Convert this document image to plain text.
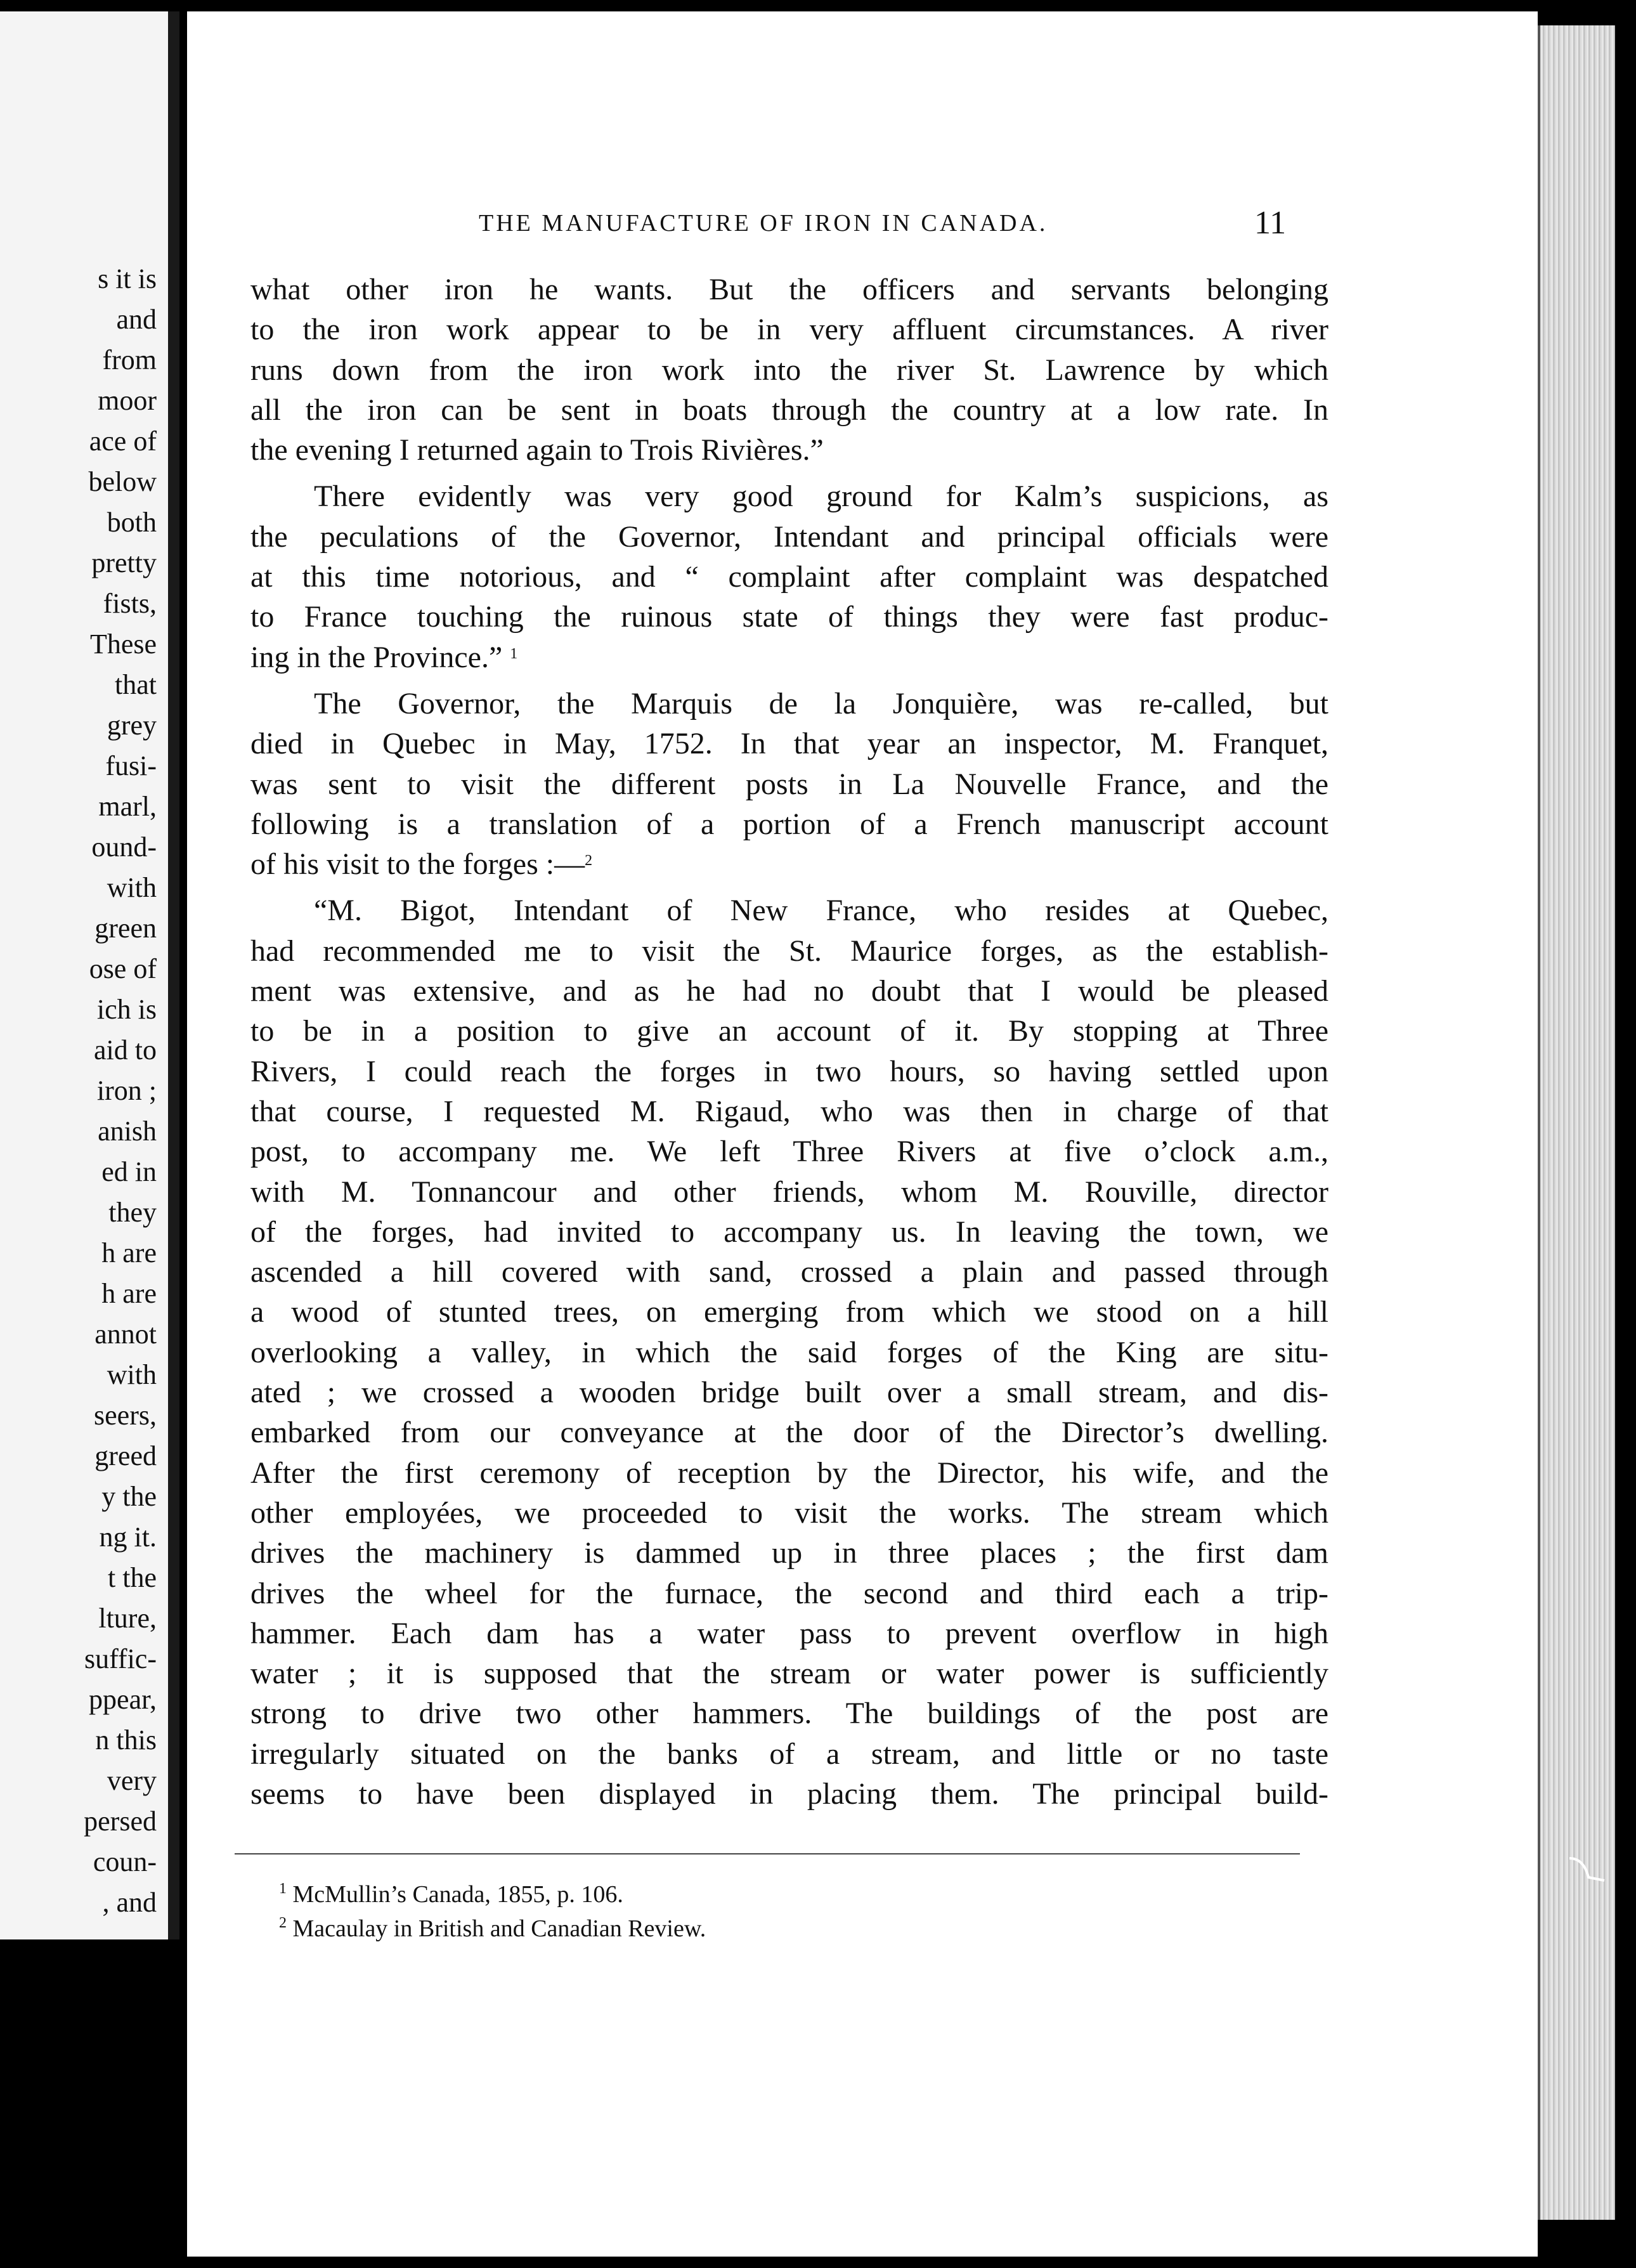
s it is
and
from
moor
ace of
below
both
pretty
fists,
These
that
grey
fusi-
marl,
ound-
with
green
ose of
ich is
aid to
iron ;
anish
ed in
they
h are
h are
annot
with
seers,
greed
y the
ng it.
t the
lture,
suffic-
ppear,
n this
very
persed
coun-
, and
THE MANUFACTURE OF IRON IN CANADA.	11
what other iron he wants. But the officers and servants belonging
to the iron work appear to be in very affluent circumstances. A river
runs down from the iron work into the river St. Lawrence by which
all the iron can be sent in boats through the country at a low rate. In
the evening I returned again to Trois Rivières.”
There evidently was very good ground for Kalm’s suspicions, as
the peculations of the Governor, Intendant and principal officials were
at this time notorious, and “ complaint after complaint was despatched
to France touching the ruinous state of things they were fast produc-
ing in the Province.” $^1$
The Governor, the Marquis de la Jonquière, was re-called, but
died in Quebec in May, 1752. In that year an inspector, M. Franquet,
was sent to visit the different posts in La Nouvelle France, and the
following is a translation of a portion of a French manuscript account
of his visit to the forges :—$^2$
“M. Bigot, Intendant of New France, who resides at Quebec,
had recommended me to visit the St. Maurice forges, as the establish-
ment was extensive, and as he had no doubt that I would be pleased
to be in a position to give an account of it. By stopping at Three
Rivers, I could reach the forges in two hours, so having settled upon
that course, I requested M. Rigaud, who was then in charge of that
post, to accompany me. We left Three Rivers at five o’clock a.m.,
with M. Tonnancour and other friends, whom M. Rouville, director
of the forges, had invited to accompany us. In leaving the town, we
ascended a hill covered with sand, crossed a plain and passed through
a wood of stunted trees, on emerging from which we stood on a hill
overlooking a valley, in which the said forges of the King are situ-
ated ; we crossed a wooden bridge built over a small stream, and dis-
embarked from our conveyance at the door of the Director’s dwelling.
After the first ceremony of reception by the Director, his wife, and the
other employées, we proceeded to visit the works. The stream which
drives the machinery is dammed up in three places ; the first dam
drives the wheel for the furnace, the second and third each a trip-
hammer. Each dam has a water pass to prevent overflow in high
water ; it is supposed that the stream or water power is sufficiently
strong to drive two other hammers. The buildings of the post are
irregularly situated on the banks of a stream, and little or no taste
seems to have been displayed in placing them. The principal build-
$^1$ McMullin’s Canada, 1855, p. 106.
$^2$ Macaulay in British and Canadian Review.
